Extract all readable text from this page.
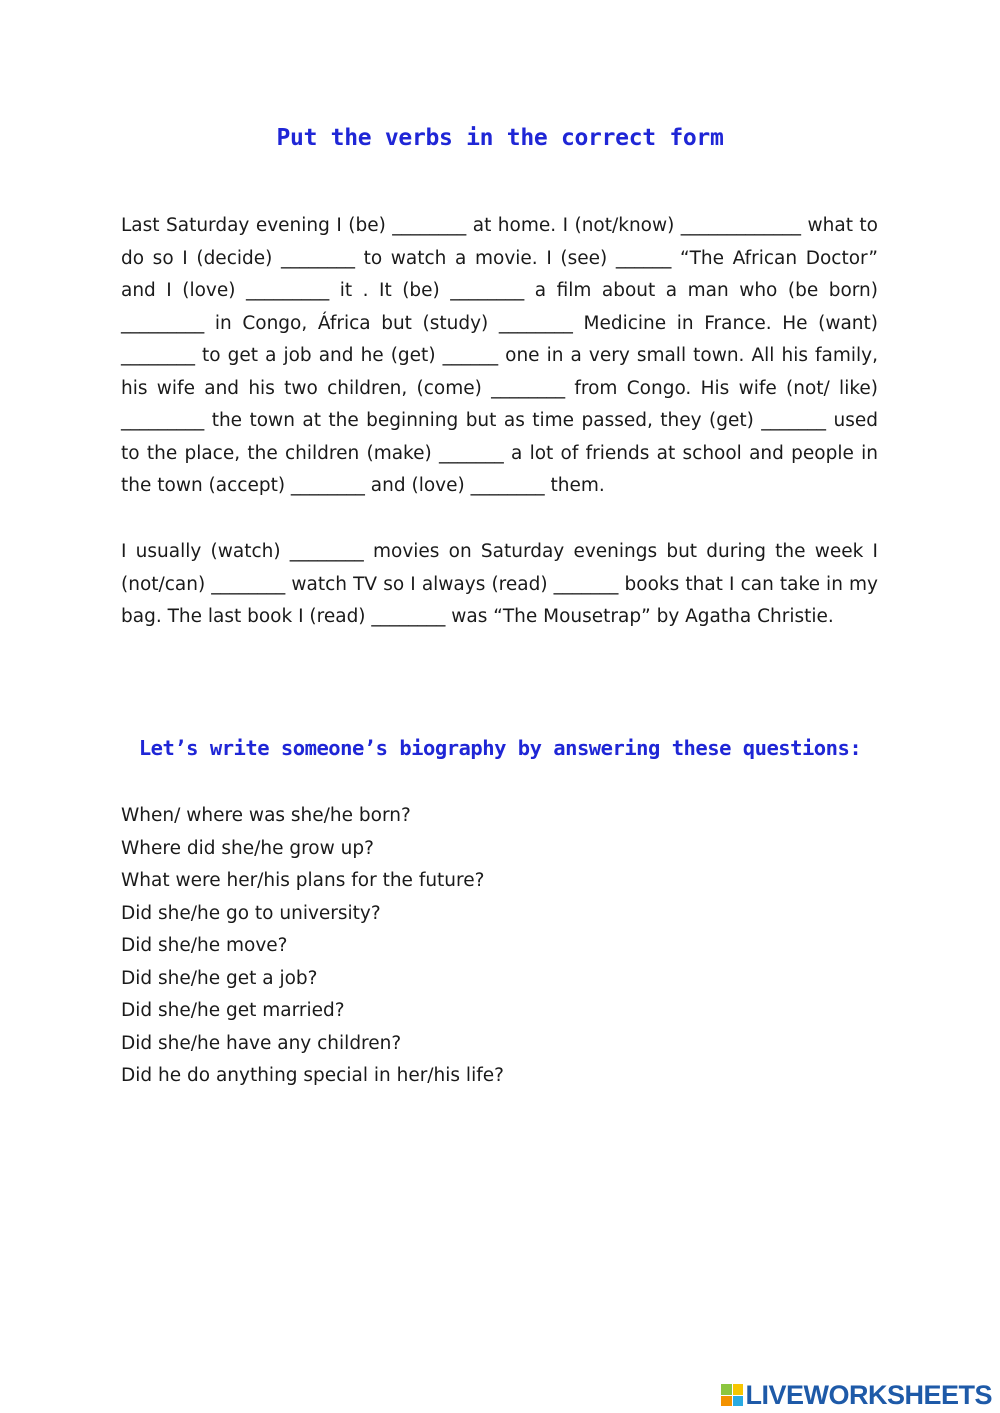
Put the verbs in the correct form

Last Saturday evening I (be) ________ at home. I (not/know) _____________ what to do so I (decide) ________ to watch a movie. I (see) ______ “The African Doctor” and I (love) _________ it . It (be) ________ a film about a man who (be born) _________ in Congo, África but (study) ________ Medicine in France. He (want) ________ to get a job and he (get) ______ one in a very small town. All his family, his wife and his two children, (come) ________ from Congo. His wife (not/ like) _________ the town at the beginning but as time passed, they (get) _______ used to the place, the children (make) _______ a lot of friends at school and people in the town (accept) ________ and (love) ________ them.

I usually (watch) ________ movies on Saturday evenings but during the week I (not/can) ________ watch TV so I always (read) _______ books that I can take in my bag. The last book I (read) ________ was “The Mousetrap” by Agatha Christie.

Let’s write someone’s biography by answering these questions:
When/ where was she/he born?
Where did she/he grow up?
What were her/his plans for the future?
Did she/he go to university?
Did she/he move?
Did she/he get a job?
Did she/he get married?
Did she/he have any children?
Did he do anything special in her/his life?
LIVEWORKSHEETS
